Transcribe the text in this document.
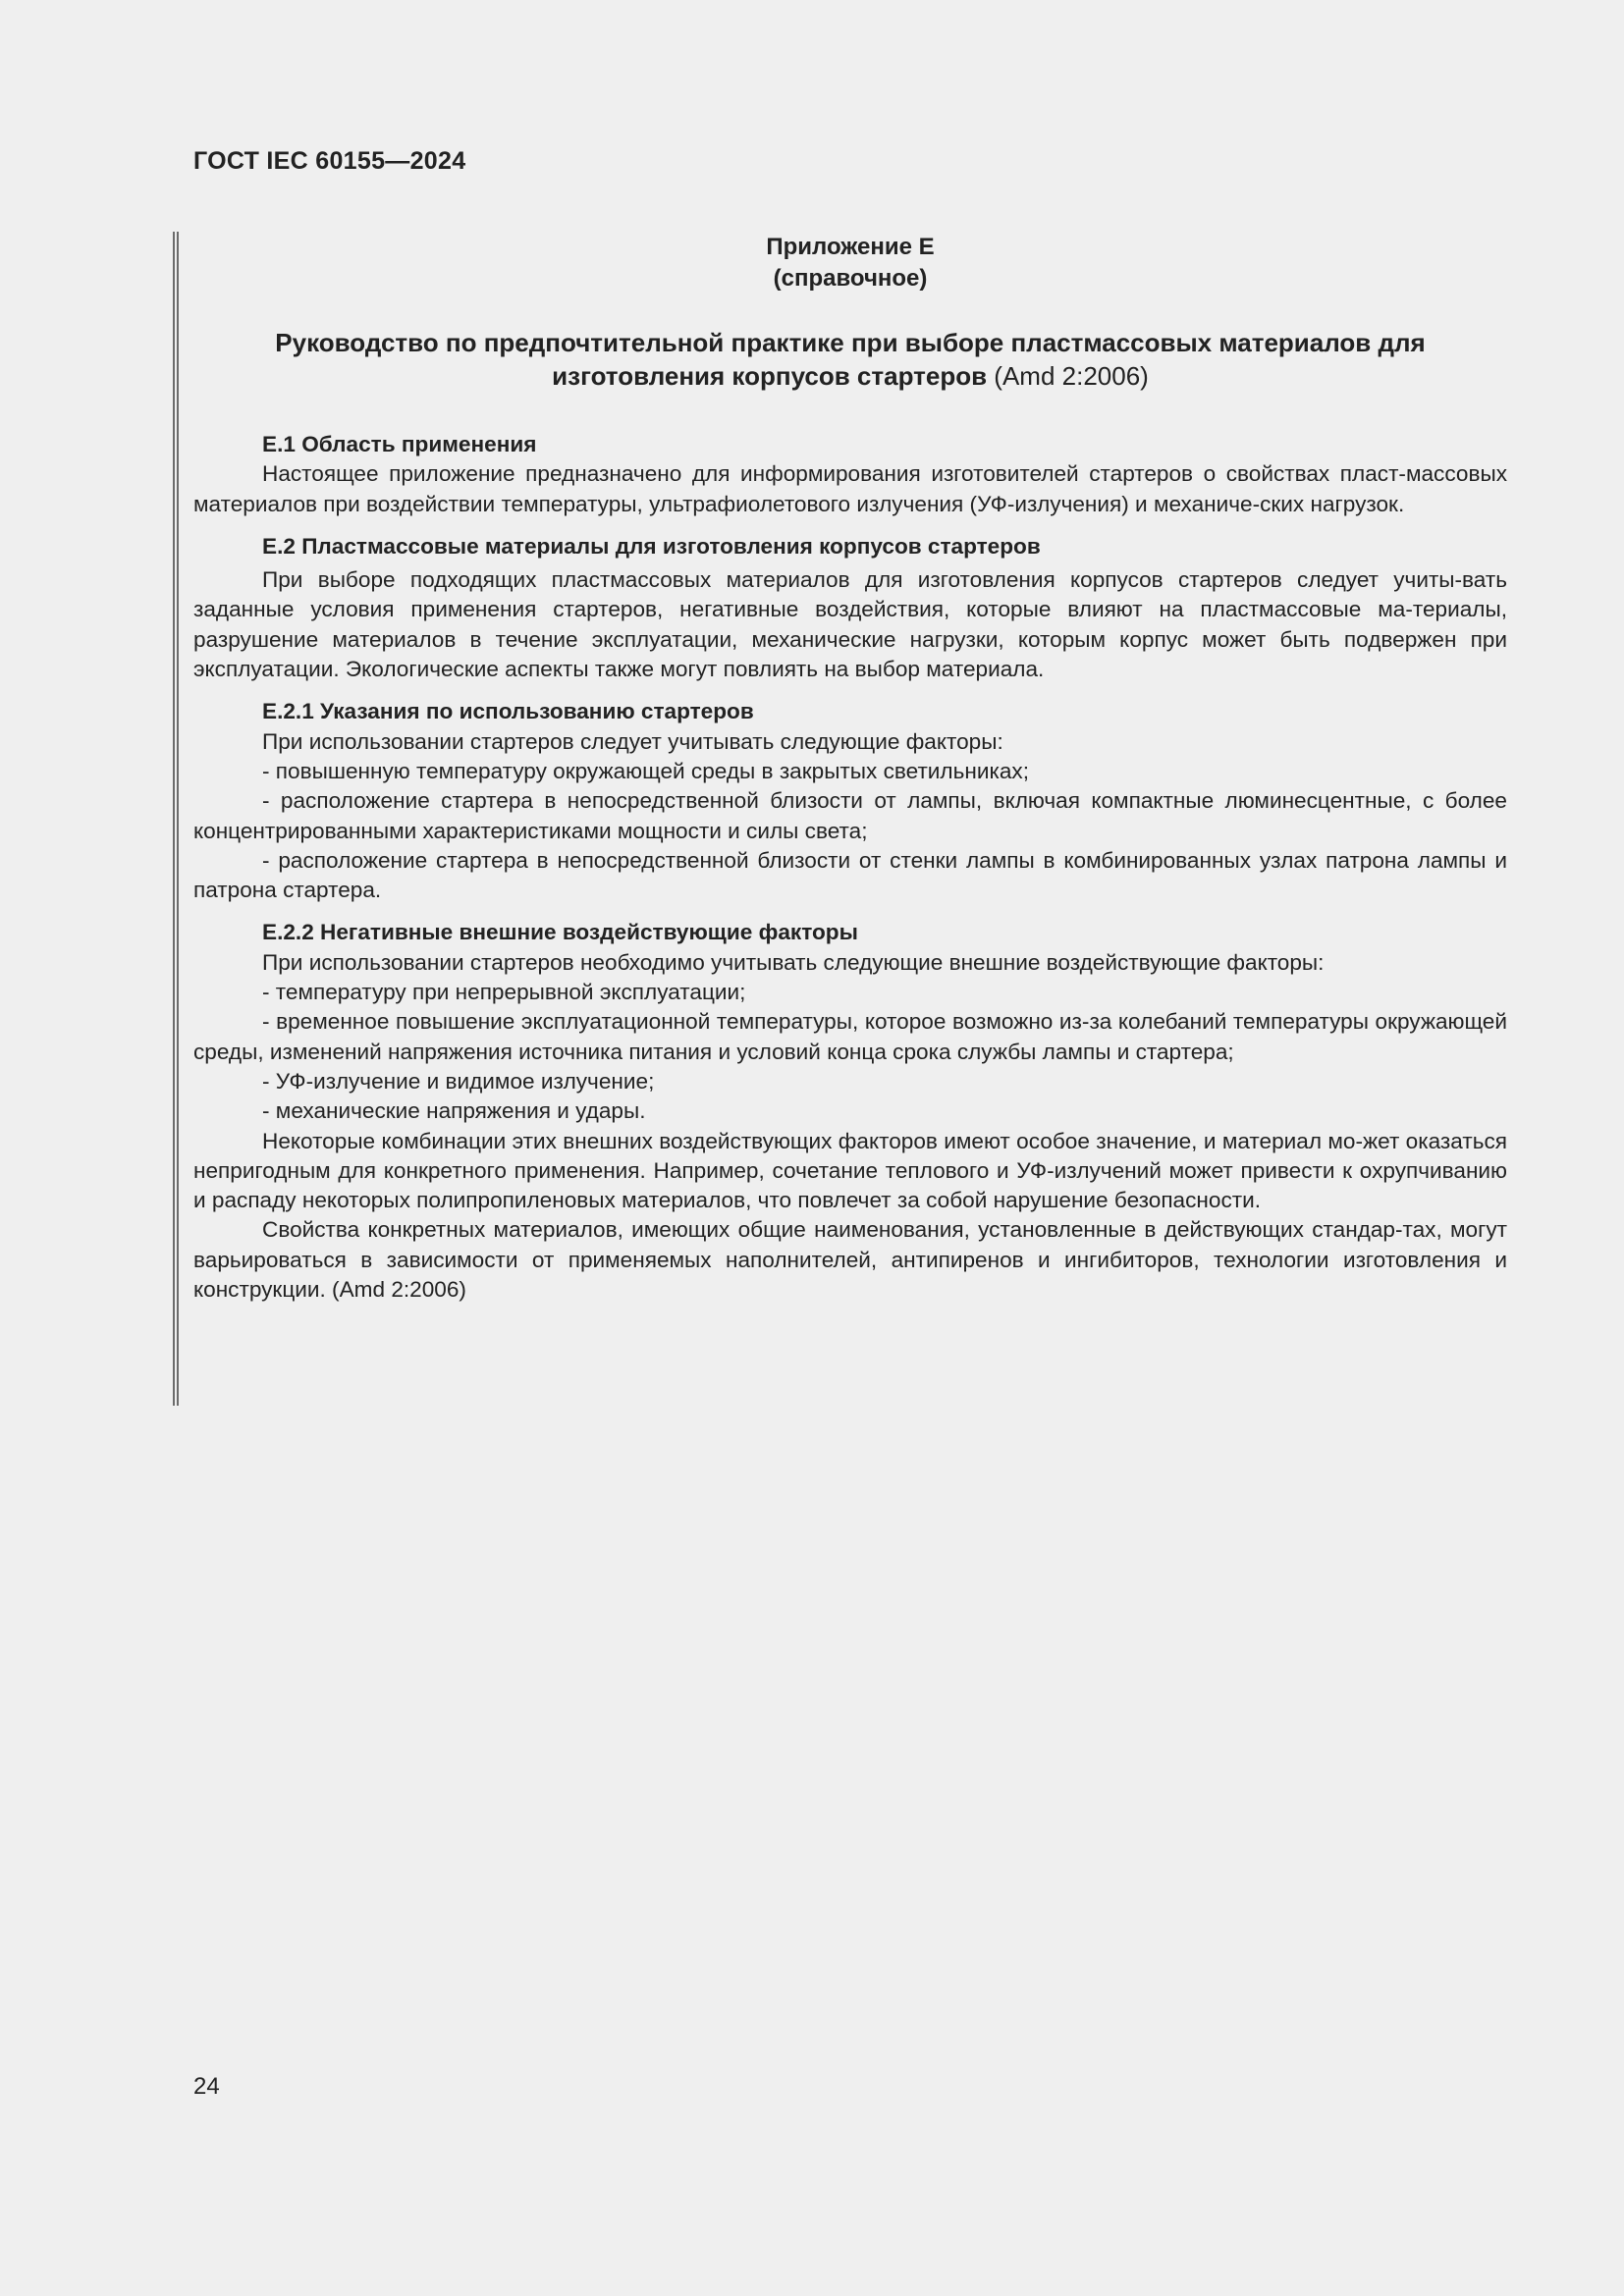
ГОСТ IEC 60155—2024

Приложение Е

(справочное)

Руководство по предпочтительной практике при выборе пластмассовых материалов для изготовления корпусов стартеров (Amd 2:2006)

Е.1 Область применения

Настоящее приложение предназначено для информирования изготовителей стартеров о свойствах пласт-массовых материалов при воздействии температуры, ультрафиолетового излучения (УФ-излучения) и механиче-ских нагрузок.

Е.2 Пластмассовые материалы для изготовления корпусов стартеров

При выборе подходящих пластмассовых материалов для изготовления корпусов стартеров следует учиты-вать заданные условия применения стартеров, негативные воздействия, которые влияют на пластмассовые ма-териалы, разрушение материалов в течение эксплуатации, механические нагрузки, которым корпус может быть подвержен при эксплуатации. Экологические аспекты также могут повлиять на выбор материала.

Е.2.1 Указания по использованию стартеров

При использовании стартеров следует учитывать следующие факторы:

- повышенную температуру окружающей среды в закрытых светильниках;

- расположение стартера в непосредственной близости от лампы, включая компактные люминесцентные, с более концентрированными характеристиками мощности и силы света;

- расположение стартера в непосредственной близости от стенки лампы в комбинированных узлах патрона лампы и патрона стартера.

Е.2.2 Негативные внешние воздействующие факторы

При использовании стартеров необходимо учитывать следующие внешние воздействующие факторы:

- температуру при непрерывной эксплуатации;

- временное повышение эксплуатационной температуры, которое возможно из-за колебаний температуры окружающей среды, изменений напряжения источника питания и условий конца срока службы лампы и стартера;

- УФ-излучение и видимое излучение;

- механические напряжения и удары.

Некоторые комбинации этих внешних воздействующих факторов имеют особое значение, и материал мо-жет оказаться непригодным для конкретного применения. Например, сочетание теплового и УФ-излучений может привести к охрупчиванию и распаду некоторых полипропиленовых материалов, что повлечет за собой нарушение безопасности.

Свойства конкретных материалов, имеющих общие наименования, установленные в действующих стандар-тах, могут варьироваться в зависимости от применяемых наполнителей, антипиренов и ингибиторов, технологии изготовления и конструкции. (Amd 2:2006)

24
